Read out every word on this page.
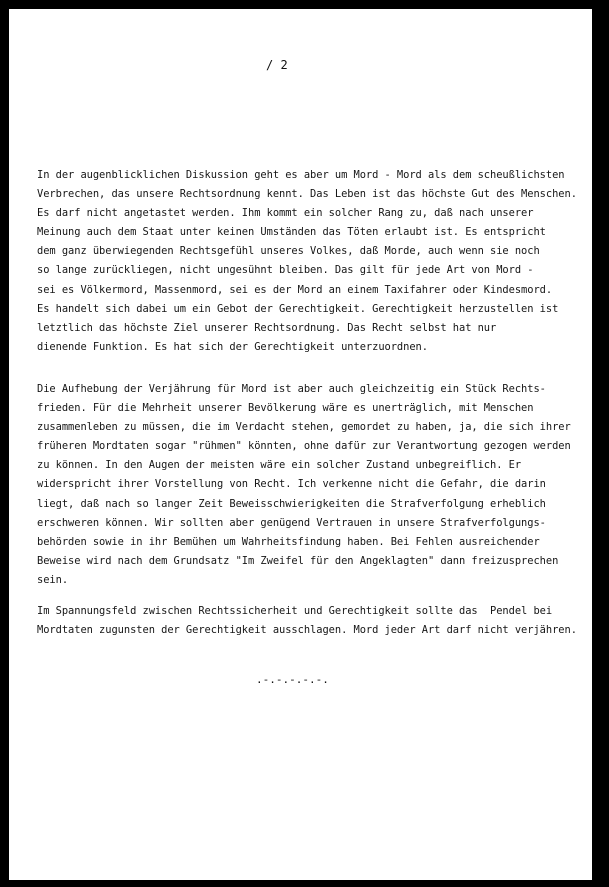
/ 2
In der augenblicklichen Diskussion geht es aber um Mord - Mord als dem scheußlichsten
Verbrechen, das unsere Rechtsordnung kennt. Das Leben ist das höchste Gut des Menschen.
Es darf nicht angetastet werden. Ihm kommt ein solcher Rang zu, daß nach unserer
Meinung auch dem Staat unter keinen Umständen das Töten erlaubt ist. Es entspricht
dem ganz überwiegenden Rechtsgefühl unseres Volkes, daß Morde, auch wenn sie noch
so lange zurückliegen, nicht ungesühnt bleiben. Das gilt für jede Art von Mord -
sei es Völkermord, Massenmord, sei es der Mord an einem Taxifahrer oder Kindesmord.
Es handelt sich dabei um ein Gebot der Gerechtigkeit. Gerechtigkeit herzustellen ist
letztlich das höchste Ziel unserer Rechtsordnung. Das Recht selbst hat nur
dienende Funktion. Es hat sich der Gerechtigkeit unterzuordnen.
Die Aufhebung der Verjährung für Mord ist aber auch gleichzeitig ein Stück Rechts-
frieden. Für die Mehrheit unserer Bevölkerung wäre es unerträglich, mit Menschen
zusammenleben zu müssen, die im Verdacht stehen, gemordet zu haben, ja, die sich ihrer
früheren Mordtaten sogar "rühmen" könnten, ohne dafür zur Verantwortung gezogen werden
zu können. In den Augen der meisten wäre ein solcher Zustand unbegreiflich. Er
widerspricht ihrer Vorstellung von Recht. Ich verkenne nicht die Gefahr, die darin
liegt, daß nach so langer Zeit Beweisschwierigkeiten die Strafverfolgung erheblich
erschweren können. Wir sollten aber genügend Vertrauen in unsere Strafverfolgungs-
behörden sowie in ihr Bemühen um Wahrheitsfindung haben. Bei Fehlen ausreichender
Beweise wird nach dem Grundsatz "Im Zweifel für den Angeklagten" dann freizusprechen
sein.
Im Spannungsfeld zwischen Rechtssicherheit und Gerechtigkeit sollte das  Pendel bei
Mordtaten zugunsten der Gerechtigkeit ausschlagen. Mord jeder Art darf nicht verjähren.
.-.-.-.-.-.
